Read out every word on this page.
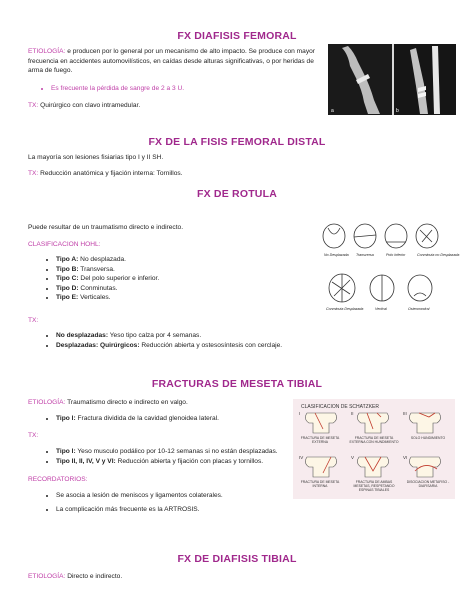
FX DIAFISIS FEMORAL
ETIOLOGÍA: e producen por lo general por un mecanismo de alto impacto. Se produce con mayor frecuencia en accidentes automovilísticos, en caídas desde alturas significativas, o por heridas de arma de fuego.
• Es frecuente la pérdida de sangre de 2 a 3 U.
TX: Quirúrgico con clavo intramedular.
a	b
FX DE LA FISIS FEMORAL DISTAL
La mayoría son lesiones fisiarias tipo I y II SH.
TX: Reducción anatómica y fijación interna: Tornillos.
FX DE ROTULA
Puede resultar de un traumatismo directo e indirecto.
CLASIFICACION HOHL:
• Tipo A: No desplazada.
• Tipo B: Transversa.
• Tipo C: Del polo superior e inferior.
• Tipo D: Conminutas.
• Tipo E: Verticales.
TX:
• No desplazadas: Yeso tipo calza por 4 semanas.
• Desplazadas: Quirúrgicos: Reducción abierta y ostesosíntesis con cerclaje.
No Desplazada Transversa	Polo Inferior	Conminuta no Desplazada
Conminuta Desplazada	Vertical	Osteocondral
FRACTURAS DE MESETA TIBIAL
ETIOLOGÍA: Traumatismo directo e indirecto en valgo.
• Tipo I: Fractura dividida de la cavidad glenoidea lateral.
TX:
• Tipo I: Yeso musculo podálico por 10-12 semanas si no están desplazadas.
• Tipo II, II, IV, V y VI: Reducción abierta y fijación con placas y tornillos.
RECORDATORIOS:
• Se asocia a lesión de meniscos y ligamentos colaterales.
• La complicación más frecuente es la ARTROSIS.
CLASIFICACION DE SCHATZKER
I	II	III
IV	V	VI
FRACTURA DE MESETA EXTERNA
FRACTURA DE MESETA EXTERNA CON HUNDIMIENTO
SOLO HUNDIMIENTO
FRACTURA DE MESETA INTERNA
FRACTURA DE AMBAS MESETAS, RESPETANDO ESPINAS TIBIALES
DISOCIACION METAFISO - DIAFISARIA
FX DE DIAFISIS TIBIAL
ETIOLOGÍA: Directo e indirecto.
